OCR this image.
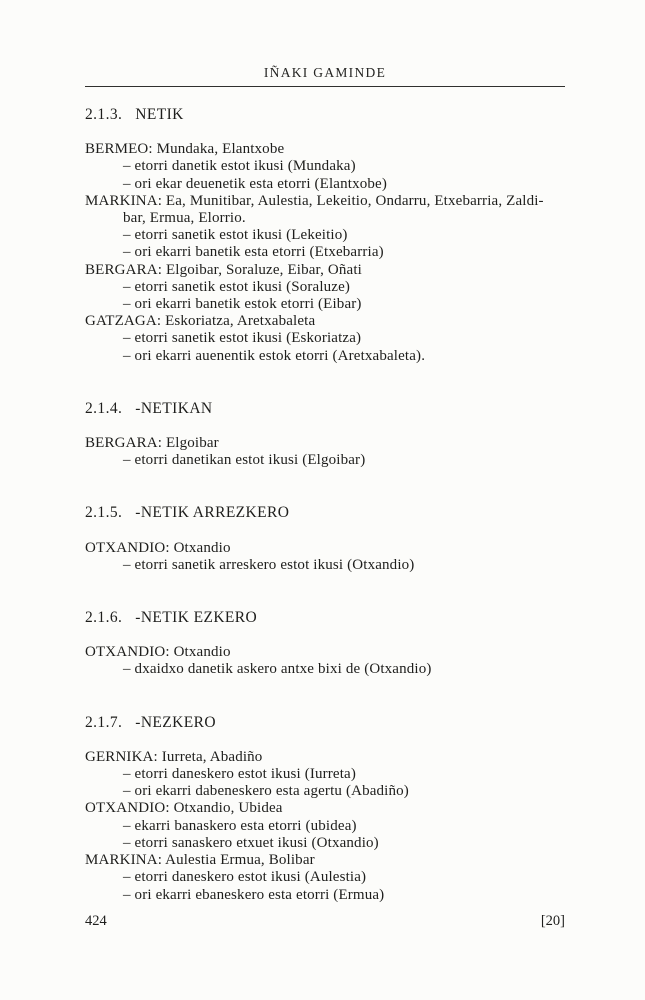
IÑAKI GAMINDE
2.1.3. NETIK
BERMEO: Mundaka, Elantxobe
– etorri danetik estot ikusi (Mundaka)
– ori ekar deuenetik esta etorri (Elantxobe)
MARKINA: Ea, Munitibar, Aulestia, Lekeitio, Ondarru, Etxebarria, Zaldi-
bar, Ermua, Elorrio.
– etorri sanetik estot ikusi (Lekeitio)
– ori ekarri banetik esta etorri (Etxebarria)
BERGARA: Elgoibar, Soraluze, Eibar, Oñati
– etorri sanetik estot ikusi (Soraluze)
– ori ekarri banetik estok etorri (Eibar)
GATZAGA: Eskoriatza, Aretxabaleta
– etorri sanetik estot ikusi (Eskoriatza)
– ori ekarri auenentik estok etorri (Aretxabaleta).
2.1.4. -NETIKAN
BERGARA: Elgoibar
– etorri danetikan estot ikusi (Elgoibar)
2.1.5. -NETIK ARREZKERO
OTXANDIO: Otxandio
– etorri sanetik arreskero estot ikusi (Otxandio)
2.1.6. -NETIK EZKERO
OTXANDIO: Otxandio
– dxaidxo danetik askero antxe bixi de (Otxandio)
2.1.7. -NEZKERO
GERNIKA: Iurreta, Abadiño
– etorri daneskero estot ikusi (Iurreta)
– ori ekarri dabeneskero esta agertu (Abadiño)
OTXANDIO: Otxandio, Ubidea
– ekarri banaskero esta etorri (ubidea)
– etorri sanaskero etxuet ikusi (Otxandio)
MARKINA: Aulestia Ermua, Bolibar
– etorri daneskero estot ikusi (Aulestia)
– ori ekarri ebaneskero esta etorri (Ermua)
424	[20]
